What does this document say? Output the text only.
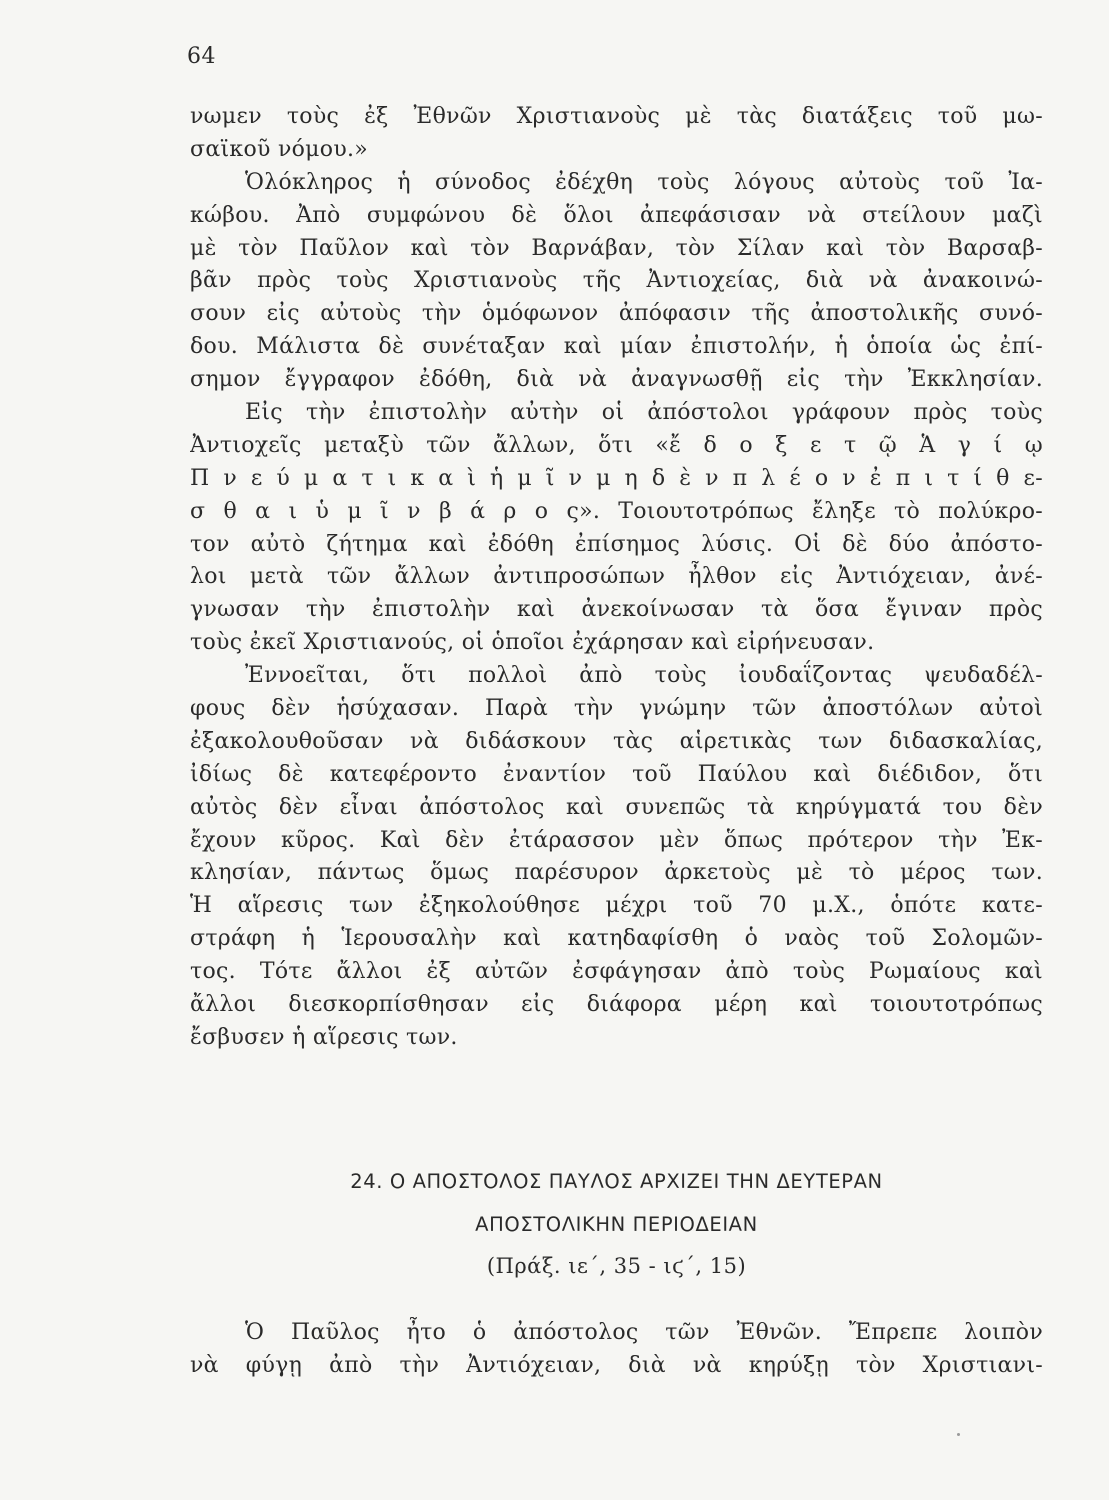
64
νωμεν τοὺς ἐξ Ἐθνῶν Χριστιανοὺς μὲ τὰς διατάξεις τοῦ μω-
σαϊκοῦ νόμου.»
Ὁλόκληρος ἡ σύνοδος ἐδέχθη τοὺς λόγους αὐτοὺς τοῦ Ἰα-
κώβου. Ἀπὸ συμφώνου δὲ ὅλοι ἀπεφάσισαν νὰ στείλουν μαζὶ
μὲ τὸν Παῦλον καὶ τὸν Βαρνάβαν, τὸν Σίλαν καὶ τὸν Βαρσαβ-
βᾶν πρὸς τοὺς Χριστιανοὺς τῆς Ἀντιοχείας, διὰ νὰ ἀνακοινώ-
σουν εἰς αὐτοὺς τὴν ὁμόφωνον ἀπόφασιν τῆς ἀποστολικῆς συνό-
δου. Μάλιστα δὲ συνέταξαν καὶ μίαν ἐπιστολήν, ἡ ὁποία ὡς ἐπί-
σημον ἔγγραφον ἐδόθη, διὰ νὰ ἀναγνωσθῇ εἰς τὴν Ἐκκλησίαν.
Εἰς τὴν ἐπιστολὴν αὐτὴν οἱ ἀπόστολοι γράφουν πρὸς τοὺς
Ἀντιοχεῖς μεταξὺ τῶν ἄλλων, ὅτι «ἔ δ ο ξ ε τ ῷ Ἁ γ ί ῳ
Π ν ε ύ μ α τ ι κ α ὶ ἡ μ ῖ ν μ η δ ὲ ν π λ έ ο ν ἐ π ι τ ί θ ε-
σ θ α ι ὑ μ ῖ ν β ά ρ ο ς». Τοιουτοτρόπως ἔληξε τὸ πολύκρο-
τον αὐτὸ ζήτημα καὶ ἐδόθη ἐπίσημος λύσις. Οἱ δὲ δύο ἀπόστο-
λοι μετὰ τῶν ἄλλων ἀντιπροσώπων ἦλθον εἰς Ἀντιόχειαν, ἀνέ-
γνωσαν τὴν ἐπιστολὴν καὶ ἀνεκοίνωσαν τὰ ὅσα ἔγιναν πρὸς
τοὺς ἐκεῖ Χριστιανούς, οἱ ὁποῖοι ἐχάρησαν καὶ εἰρήνευσαν.
Ἐννοεῖται, ὅτι πολλοὶ ἀπὸ τοὺς ἰουδαΐζοντας ψευδαδέλ-
φους δὲν ἡσύχασαν. Παρὰ τὴν γνώμην τῶν ἀποστόλων αὐτοὶ
ἐξακολουθοῦσαν νὰ διδάσκουν τὰς αἱρετικὰς των διδασκαλίας,
ἰδίως δὲ κατεφέροντο ἐναντίον τοῦ Παύλου καὶ διέδιδον, ὅτι
αὐτὸς δὲν εἶναι ἀπόστολος καὶ συνεπῶς τὰ κηρύγματά του δὲν
ἔχουν κῦρος. Καὶ δὲν ἐτάρασσον μὲν ὅπως πρότερον τὴν Ἐκ-
κλησίαν, πάντως ὅμως παρέσυρον ἀρκετοὺς μὲ τὸ μέρος των.
Ἡ αἵρεσις των ἐξηκολούθησε μέχρι τοῦ 70 μ.Χ., ὁπότε κατε-
στράφη ἡ Ἱερουσαλὴν καὶ κατηδαφίσθη ὁ ναὸς τοῦ Σολομῶν-
τος. Τότε ἄλλοι ἐξ αὐτῶν ἐσφάγησαν ἀπὸ τοὺς Ρωμαίους καὶ
ἄλλοι διεσκορπίσθησαν εἰς διάφορα μέρη καὶ τοιουτοτρόπως
ἔσβυσεν ἡ αἵρεσις των.
24. Ο ΑΠΟΣΤΟΛΟΣ ΠΑΥΛΟΣ ΑΡΧΙΖΕΙ ΤΗΝ ΔΕΥΤΕΡΑΝ
ΑΠΟΣΤΟΛΙΚΗΝ ΠΕΡΙΟΔΕΙΑΝ
(Πράξ. ιε΄, 35 - ιϛ΄, 15)
Ὁ Παῦλος ἦτο ὁ ἀπόστολος τῶν Ἐθνῶν. Ἔπρεπε λοιπὸν
νὰ φύγῃ ἀπὸ τὴν Ἀντιόχειαν, διὰ νὰ κηρύξῃ τὸν Χριστιανι-
